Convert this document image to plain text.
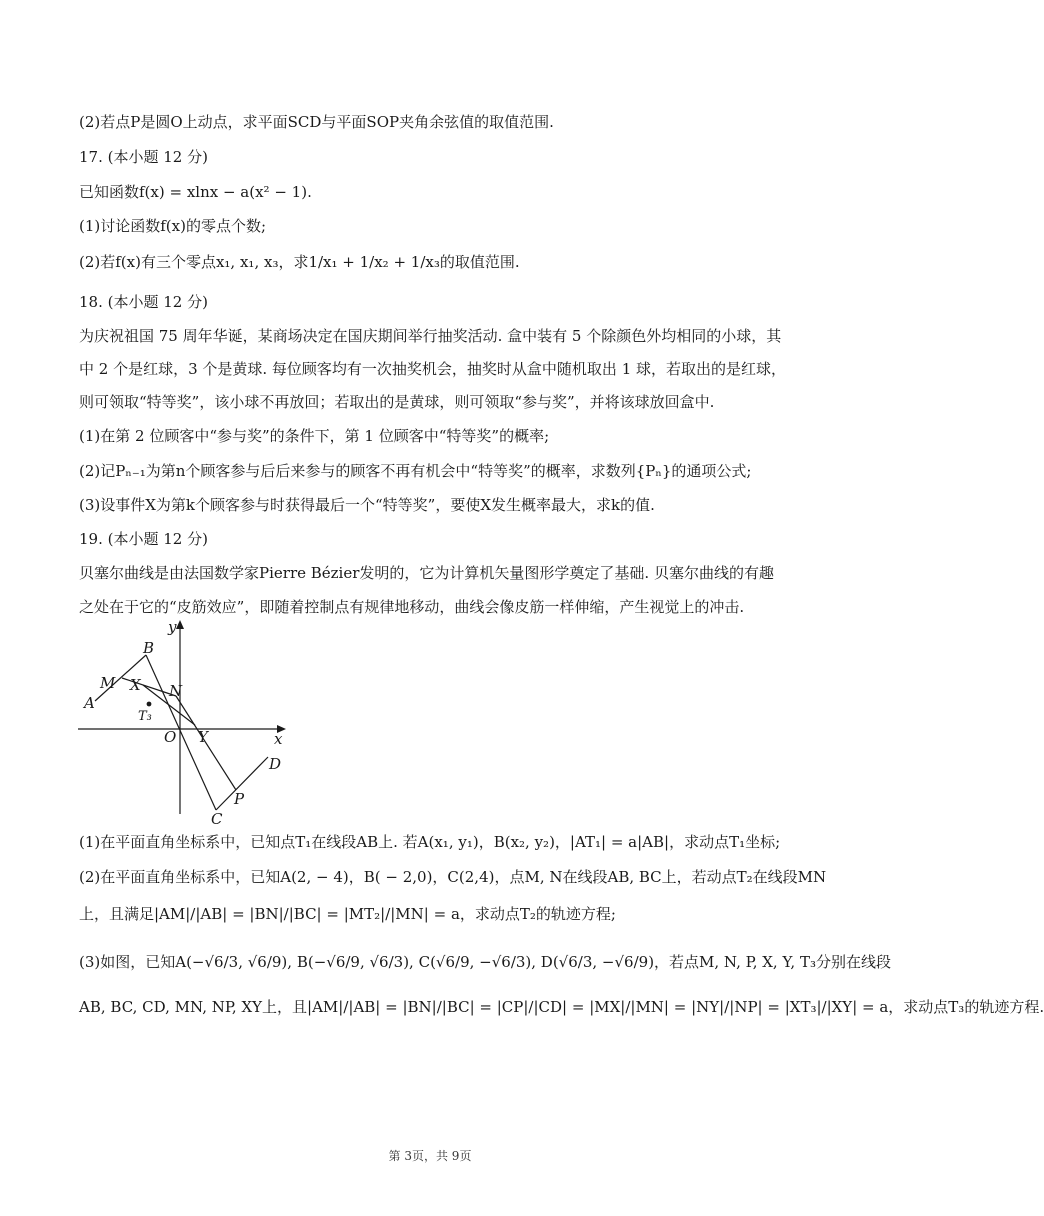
(2)若点P是圆O上动点，求平面SCD与平面SOP夹角余弦值的取值范围.
17. (本小题 12 分)
已知函数f(x) = xlnx − a(x² − 1).
(1)讨论函数f(x)的零点个数;
(2)若f(x)有三个零点x₁, x₁, x₃，求1/x₁ + 1/x₂ + 1/x₃的取值范围.
18. (本小题 12 分)
为庆祝祖国 75 周年华诞，某商场决定在国庆期间举行抽奖活动. 盒中装有 5 个除颜色外均相同的小球，其
中 2 个是红球，3 个是黄球. 每位顾客均有一次抽奖机会，抽奖时从盒中随机取出 1 球，若取出的是红球，
则可领取“特等奖”，该小球不再放回；若取出的是黄球，则可领取“参与奖”，并将该球放回盒中.
(1)在第 2 位顾客中“参与奖”的条件下，第 1 位顾客中“特等奖”的概率;
(2)记Pₙ₋₁为第n个顾客参与后后来参与的顾客不再有机会中“特等奖”的概率，求数列{Pₙ}的通项公式;
(3)设事件X为第k个顾客参与时获得最后一个“特等奖”，要使X发生概率最大，求k的值.
19. (本小题 12 分)
贝塞尔曲线是由法国数学家Pierre Bézier发明的，它为计算机矢量图形学奠定了基础. 贝塞尔曲线的有趣
之处在于它的“皮筋效应”，即随着控制点有规律地移动，曲线会像皮筋一样伸缩，产生视觉上的冲击.
A
B
C
D
M	N
P
X
Y
O
T₃
x
y
(1)在平面直角坐标系中，已知点T₁在线段AB上. 若A(x₁, y₁)，B(x₂, y₂)，|AT₁| = a|AB|，求动点T₁坐标;
(2)在平面直角坐标系中，已知A(2, − 4)，B( − 2,0)，C(2,4)，点M, N在线段AB, BC上，若动点T₂在线段MN
上，且满足|AM|/|AB| = |BN|/|BC| = |MT₂|/|MN| = a，求动点T₂的轨迹方程;
(3)如图，已知A(−√6/3, √6/9), B(−√6/9, √6/3), C(√6/9, −√6/3), D(√6/3, −√6/9)，若点M, N, P, X, Y, T₃分别在线段
AB, BC, CD, MN, NP, XY上，且|AM|/|AB| = |BN|/|BC| = |CP|/|CD| = |MX|/|MN| = |NY|/|NP| = |XT₃|/|XY| = a，求动点T₃的轨迹方程.
第 3页，共 9页
